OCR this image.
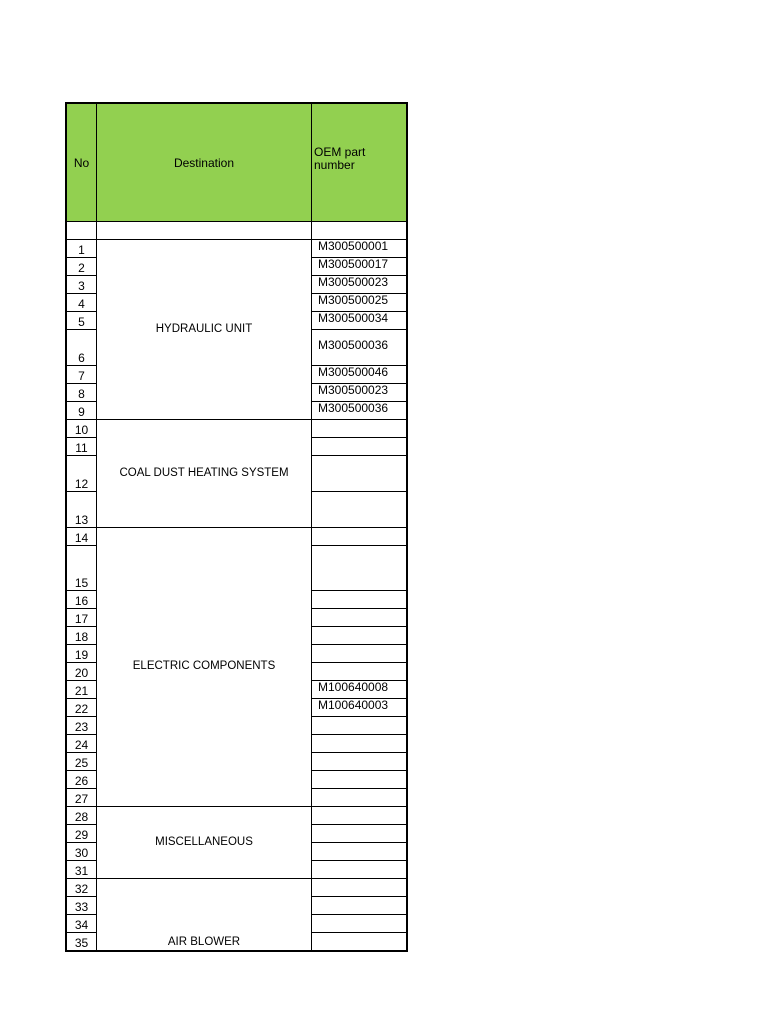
No	Destination	OEM part number

1	HYDRAULIC UNIT	M300500001
2		M300500017
3		M300500023
4		M300500025
5		M300500034
6		M300500036
7		M300500046
8		M300500023
9		M300500036
10	COAL DUST HEATING SYSTEM	
11		
12		
13		
14	ELECTRIC COMPONENTS	
15		
16		
17		
18		
19		
20		
21		M100640008
22		M100640003
23		
24		
25		
26		
27		
28	MISCELLANEOUS	
29		
30		
31		
32	AIR BLOWER	
33		
34		
35		
